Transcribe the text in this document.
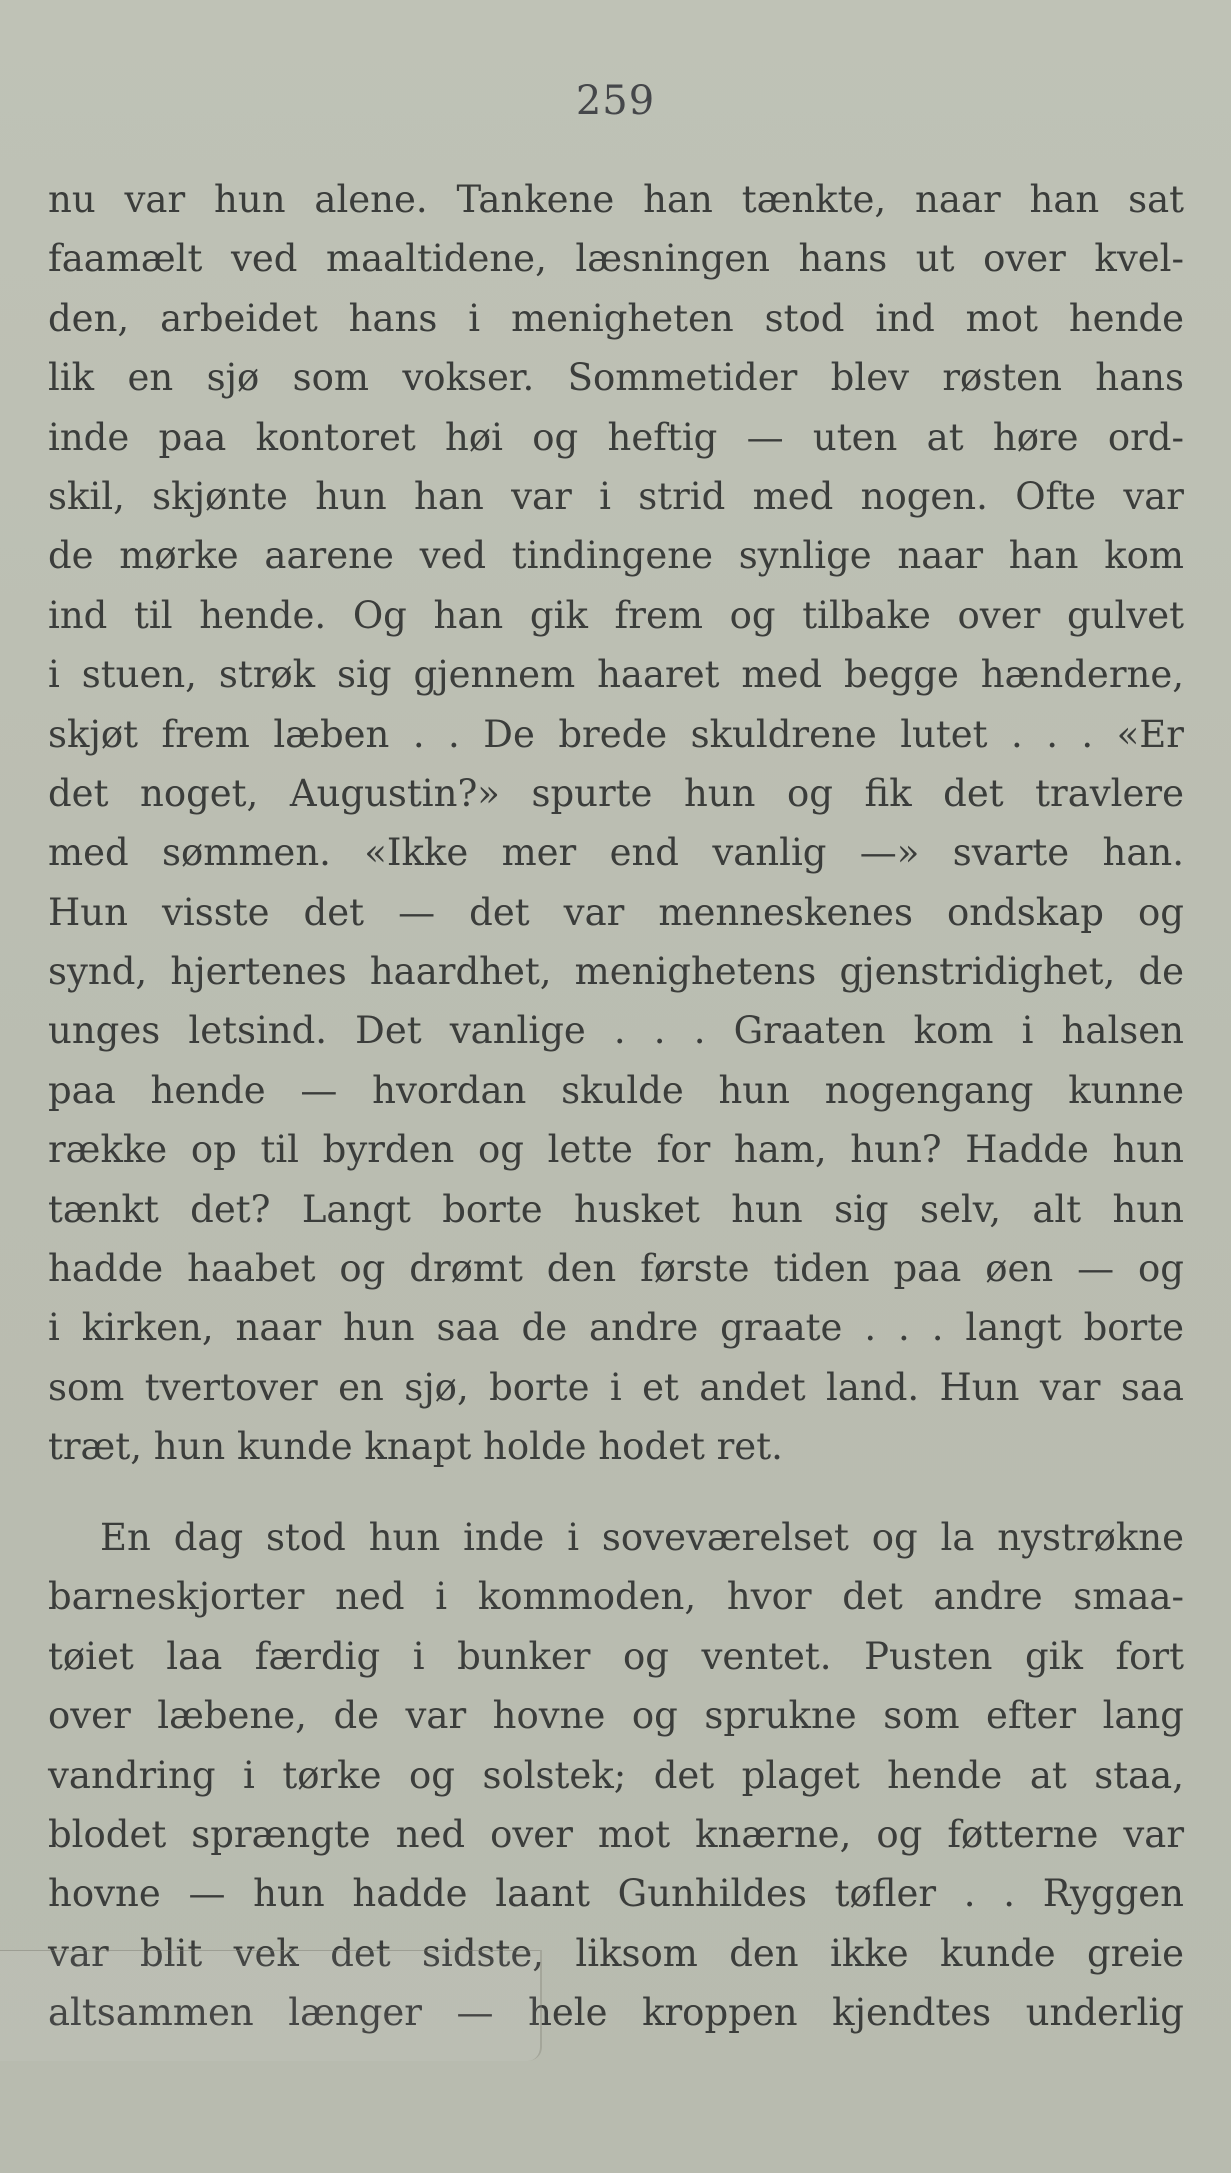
259
nu var hun alene. Tankene han tænkte, naar han sat
faamælt ved maaltidene, læsningen hans ut over kvel-
den, arbeidet hans i menigheten stod ind mot hende
lik en sjø som vokser. Sommetider blev røsten hans
inde paa kontoret høi og heftig — uten at høre ord-
skil, skjønte hun han var i strid med nogen. Ofte var
de mørke aarene ved tindingene synlige naar han kom
ind til hende. Og han gik frem og tilbake over gulvet
i stuen, strøk sig gjennem haaret med begge hænderne,
skjøt frem læben . . De brede skuldrene lutet . . . «Er
det noget, Augustin?» spurte hun og fik det travlere
med sømmen. «Ikke mer end vanlig —» svarte han.
Hun visste det — det var menneskenes ondskap og
synd, hjertenes haardhet, menighetens gjenstridighet, de
unges letsind. Det vanlige . . . Graaten kom i halsen
paa hende — hvordan skulde hun nogengang kunne
række op til byrden og lette for ham, hun? Hadde hun
tænkt det? Langt borte husket hun sig selv, alt hun
hadde haabet og drømt den første tiden paa øen — og
i kirken, naar hun saa de andre graate . . . langt borte
som tvertover en sjø, borte i et andet land. Hun var saa
træt, hun kunde knapt holde hodet ret.
En dag stod hun inde i soveværelset og la nystrøkne
barneskjorter ned i kommoden, hvor det andre smaa-
tøiet laa færdig i bunker og ventet. Pusten gik fort
over læbene, de var hovne og sprukne som efter lang
vandring i tørke og solstek; det plaget hende at staa,
blodet sprængte ned over mot knærne, og føtterne var
hovne — hun hadde laant Gunhildes tøfler . . Ryggen
var blit vek det sidste, liksom den ikke kunde greie
altsammen længer — hele kroppen kjendtes underlig
